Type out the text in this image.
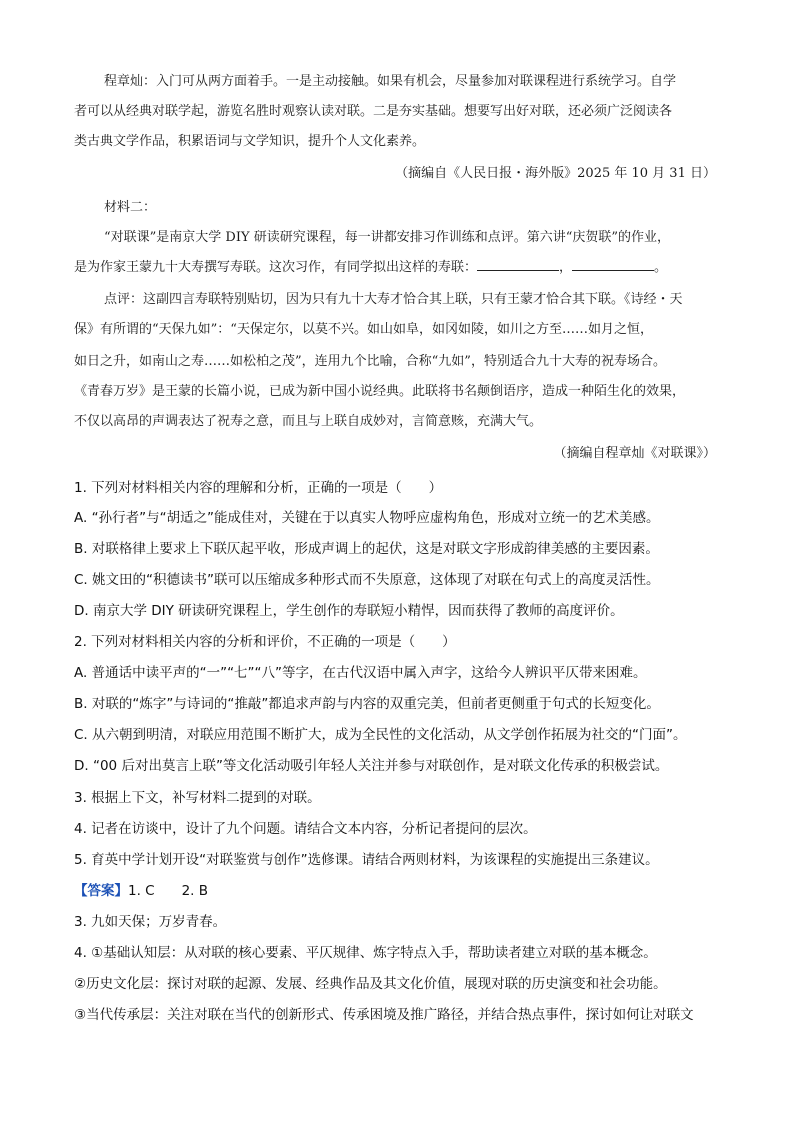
程章灿：入门可从两方面着手。一是主动接触。如果有机会，尽量参加对联课程进行系统学习。自学
者可以从经典对联学起，游览名胜时观察认读对联。二是夯实基础。想要写出好对联，还必须广泛阅读各
类古典文学作品，积累语词与文学知识，提升个人文化素养。
（摘编自《人民日报・海外版》2025 年 10 月 31 日）
材料二：
“对联课”是南京大学 DIY 研读研究课程，每一讲都安排习作训练和点评。第六讲“庆贺联”的作业，
是为作家王蒙九十大寿撰写寿联。这次习作，有同学拟出这样的寿联：	，	。
点评：这副四言寿联特别贴切，因为只有九十大寿才恰合其上联，只有王蒙才恰合其下联。《诗经・天
保》有所谓的“天保九如”：“天保定尔，以莫不兴。如山如阜，如冈如陵，如川之方至……如月之恒，
如日之升，如南山之寿……如松柏之茂”，连用九个比喻，合称“九如”，特别适合九十大寿的祝寿场合。
《青春万岁》是王蒙的长篇小说，已成为新中国小说经典。此联将书名颠倒语序，造成一种陌生化的效果，
不仅以高昂的声调表达了祝寿之意，而且与上联自成妙对，言简意赅，充满大气。
（摘编自程章灿《对联课》）
1. 下列对材料相关内容的理解和分析，正确的一项是（　　）
A. “孙行者”与“胡适之”能成佳对，关键在于以真实人物呼应虚构角色，形成对立统一的艺术美感。
B. 对联格律上要求上下联仄起平收，形成声调上的起伏，这是对联文字形成韵律美感的主要因素。
C. 姚文田的“积德读书”联可以压缩成多种形式而不失原意，这体现了对联在句式上的高度灵活性。
D. 南京大学 DIY 研读研究课程上，学生创作的寿联短小精悍，因而获得了教师的高度评价。
2. 下列对材料相关内容的分析和评价，不正确的一项是（　　）
A. 普通话中读平声的“一”“七”“八”等字，在古代汉语中属入声字，这给今人辨识平仄带来困难。
B. 对联的“炼字”与诗词的“推敲”都追求声韵与内容的双重完美，但前者更侧重于句式的长短变化。
C. 从六朝到明清，对联应用范围不断扩大，成为全民性的文化活动，从文学创作拓展为社交的“门面”。
D. “00 后对出莫言上联”等文化活动吸引年轻人关注并参与对联创作，是对联文化传承的积极尝试。
3. 根据上下文，补写材料二提到的对联。
4. 记者在访谈中，设计了九个问题。请结合文本内容，分析记者提问的层次。
5. 育英中学计划开设“对联鉴赏与创作”选修课。请结合两则材料，为该课程的实施提出三条建议。
【答案】1. C　　2. B
3. 九如天保；万岁青春。
4. ①基础认知层：从对联的核心要素、平仄规律、炼字特点入手，帮助读者建立对联的基本概念。
②历史文化层：探讨对联的起源、发展、经典作品及其文化价值，展现对联的历史演变和社会功能。
③当代传承层：关注对联在当代的创新形式、传承困境及推广路径，并结合热点事件，探讨如何让对联文
